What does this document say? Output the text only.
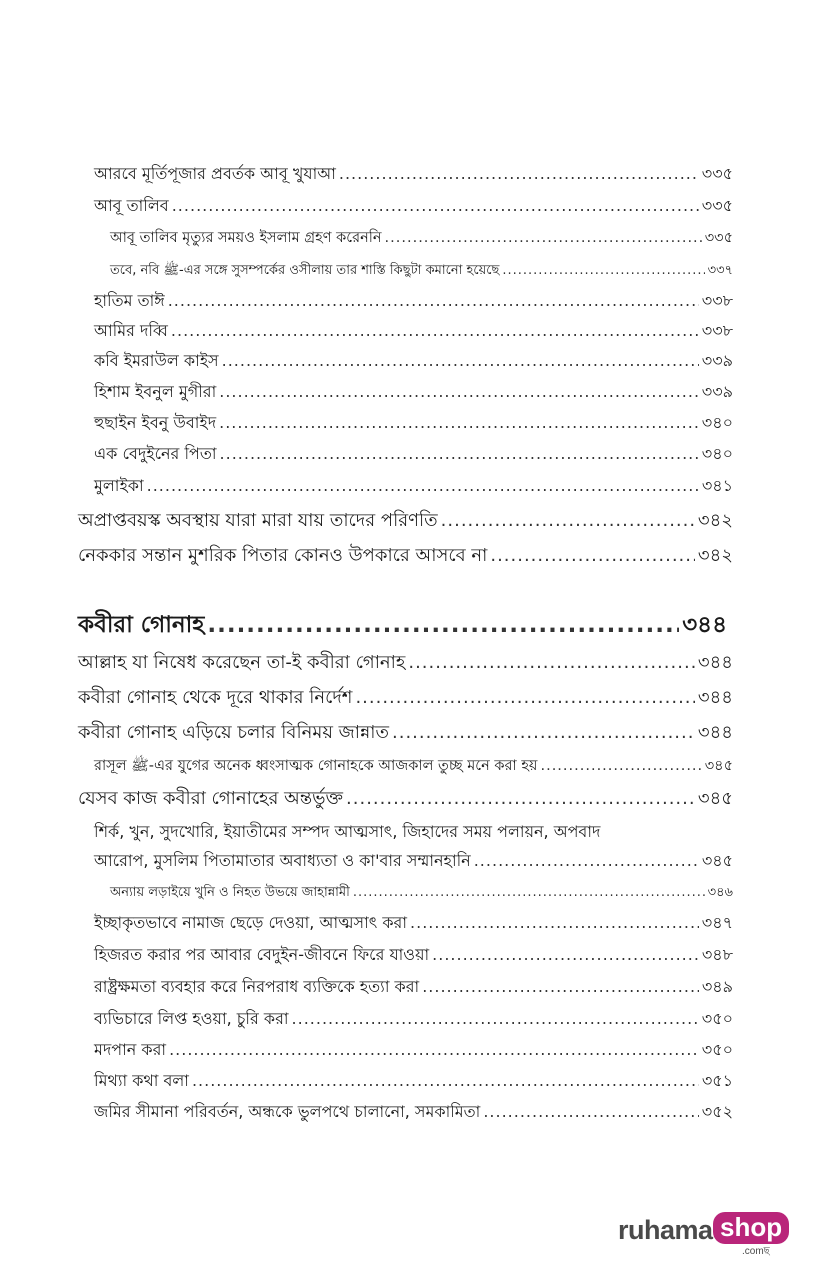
আরবে মূর্তিপূজার প্রবর্তক আবূ খুযাআ .....	৩৩৫
আবূ তালিব .....	৩৩৫
আবূ তালিব মৃত্যুর সময়ও ইসলাম গ্রহণ করেননি .....	৩৩৫
তবে, নবি ﷺ-এর সঙ্গে সুসম্পর্কের ওসীলায় তার শাস্তি কিছুটা কমানো হয়েছে .....	৩৩৭
হাতিম তাঈ .....	৩৩৮
আমির দব্বি .....	৩৩৮
কবি ইমরাউল কাইস .....	৩৩৯
হিশাম ইবনুল মুগীরা .....	৩৩৯
হুছাইন ইবনু উবাইদ .....	৩৪০
এক বেদুইনের পিতা .....	৩৪০
মুলাইকা .....	৩৪১
অপ্রাপ্তবয়স্ক অবস্থায় যারা মারা যায় তাদের পরিণতি .....	৩৪২
নেককার সন্তান মুশরিক পিতার কোনও উপকারে আসবে না .....	৩৪২
কবীরা গোনাহ .....	৩৪৪
আল্লাহ যা নিষেধ করেছেন তা-ই কবীরা গোনাহ .....	৩৪৪
কবীরা গোনাহ থেকে দূরে থাকার নির্দেশ .....	৩৪৪
কবীরা গোনাহ এড়িয়ে চলার বিনিময় জান্নাত .....	৩৪৪
রাসূল ﷺ-এর যুগের অনেক ধ্বংসাত্মক গোনাহকে আজকাল তুচ্ছ মনে করা হয় .....	৩৪৫
যেসব কাজ কবীরা গোনাহের অন্তর্ভুক্ত .....	৩৪৫
শির্ক, খুন, সুদখোরি, ইয়াতীমের সম্পদ আত্মসাৎ, জিহাদের সময় পলায়ন, অপবাদ
আরোপ, মুসলিম পিতামাতার অবাধ্যতা ও কা'বার সম্মানহানি .....	৩৪৫
অন্যায় লড়াইয়ে খুনি ও নিহত উভয়ে জাহান্নামী .....	৩৪৬
ইচ্ছাকৃতভাবে নামাজ ছেড়ে দেওয়া, আত্মসাৎ করা .....	৩৪৭
হিজরত করার পর আবার বেদুইন-জীবনে ফিরে যাওয়া .....	৩৪৮
রাষ্ট্রক্ষমতা ব্যবহার করে নিরপরাধ ব্যক্তিকে হত্যা করা .....	৩৪৯
ব্যভিচারে লিপ্ত হওয়া, চুরি করা .....	৩৫০
মদপান করা .....	৩৫০
মিথ্যা কথা বলা .....	৩৫১
জমির সীমানা পরিবর্তন, অন্ধকে ভুলপথে চালানো, সমকামিতা .....	৩৫২
ruhama shop
.comছ
